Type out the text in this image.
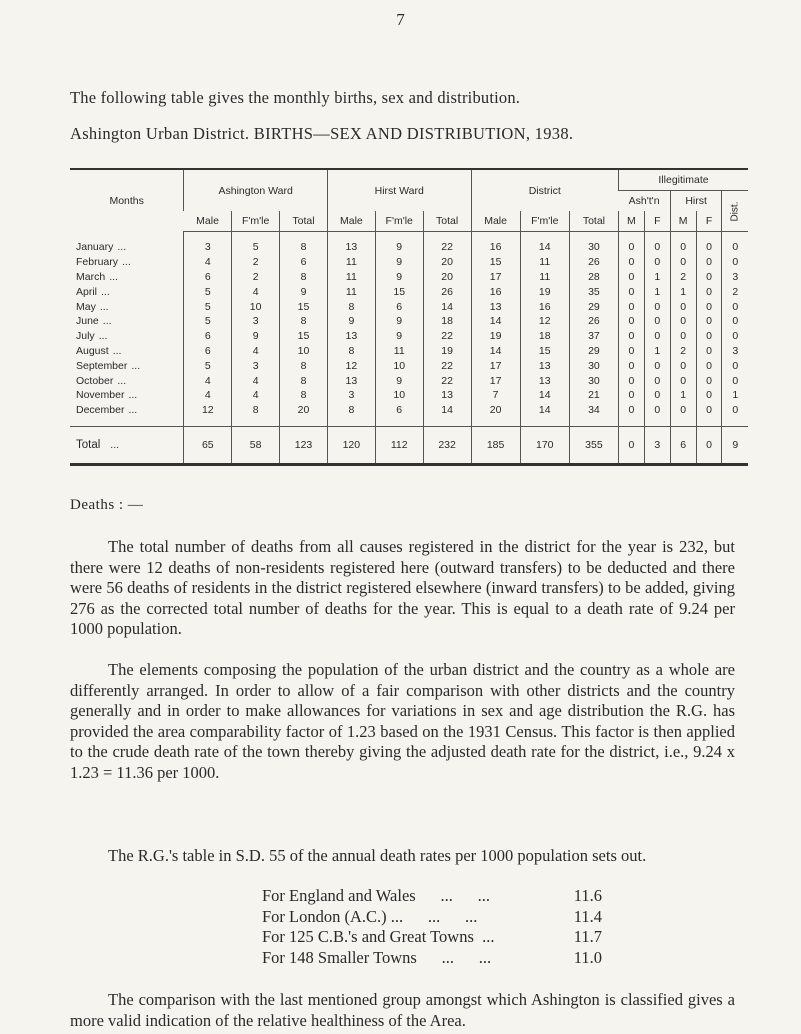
7
The following table gives the monthly births, sex and distribution.
Ashington Urban District. BIRTHS—SEX AND DISTRIBUTION, 1938.
Months	Ashington Ward			Hirst Ward			District			Illegitimate				
										Ash't'n		Hirst		Dist.

	Male	F'm'le	Total	Male	F'm'le	Total	Male	F'm'le	Total	M	F	M	F	
January ...	3	5	8	13	9	22	16	14	30	0	0	0	0	0
February ...	4	2	6	11	9	20	15	11	26	0	0	0	0	0
March ...	6	2	8	11	9	20	17	11	28	0	1	2	0	3
April ...	5	4	9	11	15	26	16	19	35	0	1	1	0	2
May ...	5	10	15	8	6	14	13	16	29	0	0	0	0	0
June ...	5	3	8	9	9	18	14	12	26	0	0	0	0	0
July ...	6	9	15	13	9	22	19	18	37	0	0	0	0	0
August ...	6	4	10	8	11	19	14	15	29	0	1	2	0	3
September ...	5	3	8	12	10	22	17	13	30	0	0	0	0	0
October ...	4	4	8	13	9	22	17	13	30	0	0	0	0	0
November ...	4	4	8	3	10	13	7	14	21	0	0	1	0	1
December ...	12	8	20	8	6	14	20	14	34	0	0	0	0	0
Total ...	65	58	123	120	112	232	185	170	355	0	3	6	0	9
Deaths : —

The total number of deaths from all causes registered in the district for the year is 232, but there were 12 deaths of non-residents registered here (outward transfers) to be deducted and there were 56 deaths of residents in the district registered elsewhere (inward transfers) to be added, giving 276 as the corrected total number of deaths for the year. This is equal to a death rate of 9.24 per 1000 population.

The elements composing the population of the urban district and the country as a whole are differently arranged. In order to allow of a fair comparison with other districts and the country generally and in order to make allowances for variations in sex and age distribution the R.G. has provided the area comparability factor of 1.23 based on the 1931 Census. This factor is then applied to the crude death rate of the town thereby giving the adjusted death rate for the district, i.e., 9.24 x 1.23 = 11.36 per 1000.

The R.G.'s table in S.D. 55 of the annual death rates per 1000 population sets out.

For England and Wales      ...      ...	11.6
For London (A.C.) ...      ...      ...	11.4
For 125 C.B.'s and Great Towns  ...	11.7
For 148 Smaller Towns      ...      ...	11.0

The comparison with the last mentioned group amongst which Ashington is classified gives a more valid indication of the relative healthiness of the Area.
